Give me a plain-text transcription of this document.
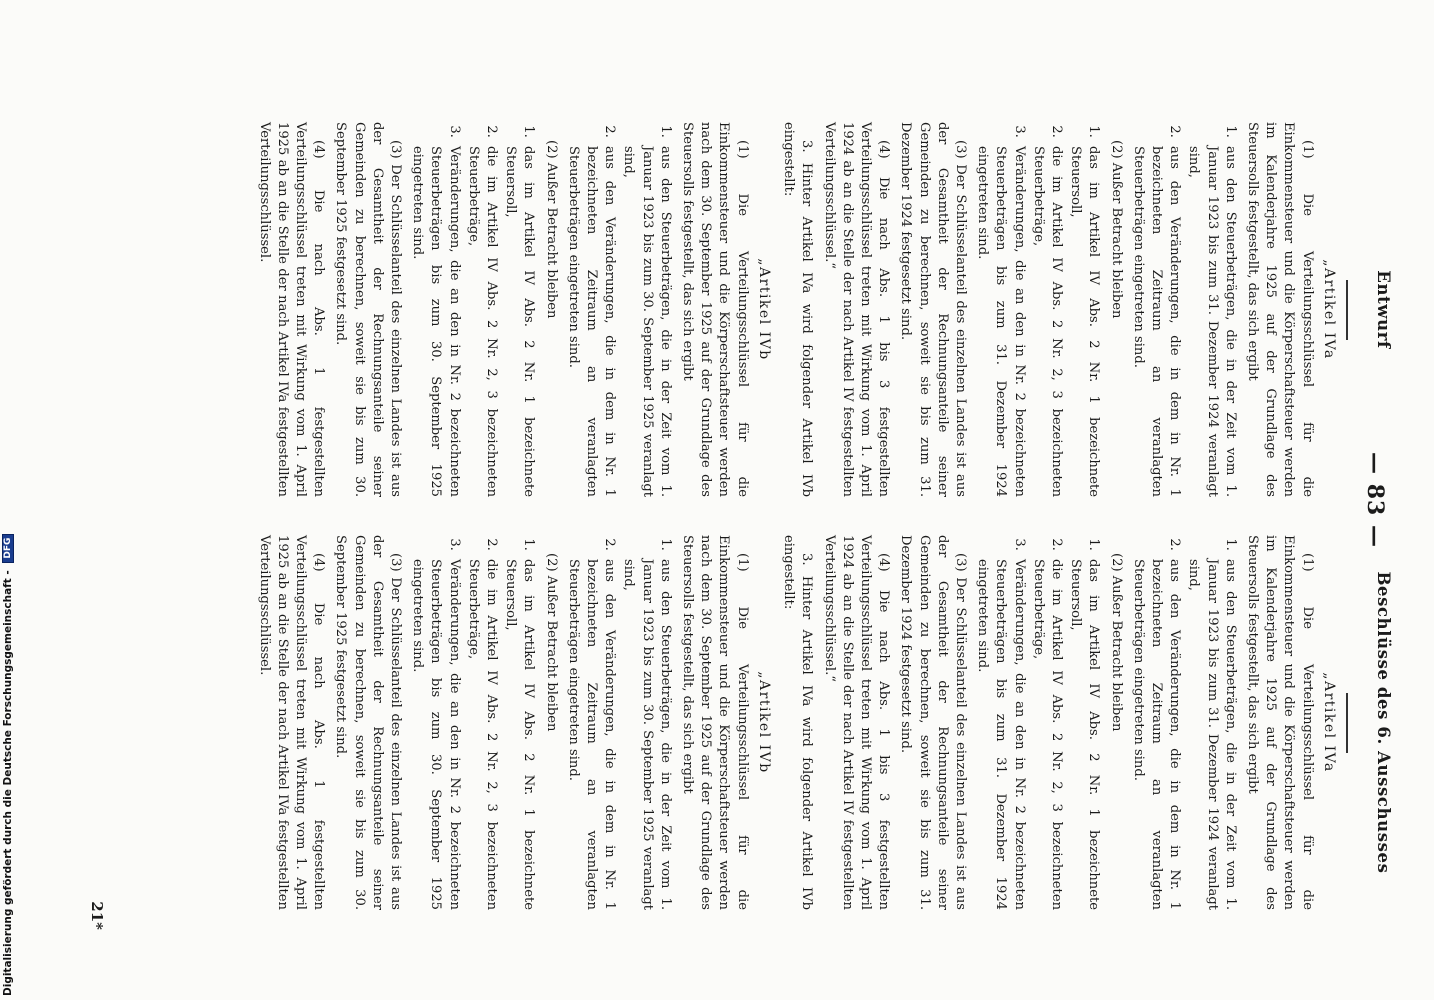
— 83 —
Entwurf
„Artikel IVa

(1) Die Verteilungsschlüssel für die Einkommensteuer und die Körperschaftsteuer werden im Kalenderjahre 1925 auf der Grundlage des Steuersolls festgestellt, das sich ergibt

1. aus den Steuerbeträgen, die in der Zeit vom 1. Januar 1923 bis zum 31. Dezember 1924 veranlagt sind,
2. aus den Veränderungen, die in dem in Nr. 1 bezeichneten Zeitraum an veranlagten Steuerbeträgen eingetreten sind.

(2) Außer Betracht bleiben

1. das im Artikel IV Abs. 2 Nr. 1 bezeichnete Steuersoll,
2. die im Artikel IV Abs. 2 Nr. 2, 3 bezeichneten Steuerbeträge,
3. Veränderungen, die an den in Nr. 2 bezeichneten Steuerbeträgen bis zum 31. Dezember 1924 eingetreten sind.

(3) Der Schlüsselanteil des einzelnen Landes ist aus der Gesamtheit der Rechnungsanteile seiner Gemeinden zu berechnen, soweit sie bis zum 31. Dezember 1924 festgesetzt sind.

(4) Die nach Abs. 1 bis 3 festgestellten Verteilungsschlüssel treten mit Wirkung vom 1. April 1924 ab an die Stelle der nach Artikel IV festgestellten Verteilungsschlüssel.“

3. Hinter Artikel IVa wird folgender Artikel IVb eingestellt:

„Artikel IVb

(1) Die Verteilungsschlüssel für die Einkommensteuer und die Körperschaftsteuer werden nach dem 30. September 1925 auf der Grundlage des Steuersolls festgestellt, das sich ergibt

1. aus den Steuerbeträgen, die in der Zeit vom 1. Januar 1923 bis zum 30. September 1925 veranlagt sind,
2. aus den Veränderungen, die in dem in Nr. 1 bezeichneten Zeitraum an veranlagten Steuerbeträgen eingetreten sind.

(2) Außer Betracht bleiben

1. das im Artikel IV Abs. 2 Nr. 1 bezeichnete Steuersoll,
2. die im Artikel IV Abs. 2 Nr. 2, 3 bezeichneten Steuerbeträge,
3. Veränderungen, die an den in Nr. 2 bezeichneten Steuerbeträgen bis zum 30. September 1925 eingetreten sind.

(3) Der Schlüsselanteil des einzelnen Landes ist aus der Gesamtheit der Rechnungsanteile seiner Gemeinden zu berechnen, soweit sie bis zum 30. September 1925 festgesetzt sind.

(4) Die nach Abs. 1 festgestellten Verteilungsschlüssel treten mit Wirkung vom 1. April 1925 ab an die Stelle der nach Artikel IVa festgestellten Verteilungsschlüssel.

Beschlüsse des 6. Ausschusses
„Artikel IVa

(1) Die Verteilungsschlüssel für die Einkommensteuer und die Körperschaftsteuer werden im Kalenderjahre 1925 auf der Grundlage des Steuersolls festgestellt, das sich ergibt

1. aus den Steuerbeträgen, die in der Zeit vom 1. Januar 1923 bis zum 31. Dezember 1924 veranlagt sind,
2. aus den Veränderungen, die in dem in Nr. 1 bezeichneten Zeitraum an veranlagten Steuerbeträgen eingetreten sind.

(2) Außer Betracht bleiben

1. das im Artikel IV Abs. 2 Nr. 1 bezeichnete Steuersoll,
2. die im Artikel IV Abs. 2 Nr. 2, 3 bezeichneten Steuerbeträge,
3. Veränderungen, die an den in Nr. 2 bezeichneten Steuerbeträgen bis zum 31. Dezember 1924 eingetreten sind.

(3) Der Schlüsselanteil des einzelnen Landes ist aus der Gesamtheit der Rechnungsanteile seiner Gemeinden zu berechnen, soweit sie bis zum 31. Dezember 1924 festgesetzt sind.

(4) Die nach Abs. 1 bis 3 festgestellten Verteilungsschlüssel treten mit Wirkung vom 1. April 1924 ab an die Stelle der nach Artikel IV festgestellten Verteilungsschlüssel.“

3. Hinter Artikel IVa wird folgender Artikel IVb eingestellt:

„Artikel IVb

(1) Die Verteilungsschlüssel für die Einkommensteuer und die Körperschaftsteuer werden nach dem 30. September 1925 auf der Grundlage des Steuersolls festgestellt, das sich ergibt

1. aus den Steuerbeträgen, die in der Zeit vom 1. Januar 1923 bis zum 30. September 1925 veranlagt sind,
2. aus den Veränderungen, die in dem in Nr. 1 bezeichneten Zeitraum an veranlagten Steuerbeträgen eingetreten sind.

(2) Außer Betracht bleiben

1. das im Artikel IV Abs. 2 Nr. 1 bezeichnete Steuersoll,
2. die im Artikel IV Abs. 2 Nr. 2, 3 bezeichneten Steuerbeträge,
3. Veränderungen, die an den in Nr. 2 bezeichneten Steuerbeträgen bis zum 30. September 1925 eingetreten sind.

(3) Der Schlüsselanteil des einzelnen Landes ist aus der Gesamtheit der Rechnungsanteile seiner Gemeinden zu berechnen, soweit sie bis zum 30. September 1925 festgesetzt sind.

(4) Die nach Abs. 1 festgestellten Verteilungsschlüssel treten mit Wirkung vom 1. April 1925 ab an die Stelle der nach Artikel IVa festgestellten Verteilungsschlüssel.

21*
Digitalisierung gefördert durch die Deutsche Forschungsgemeinschaft - DFG
